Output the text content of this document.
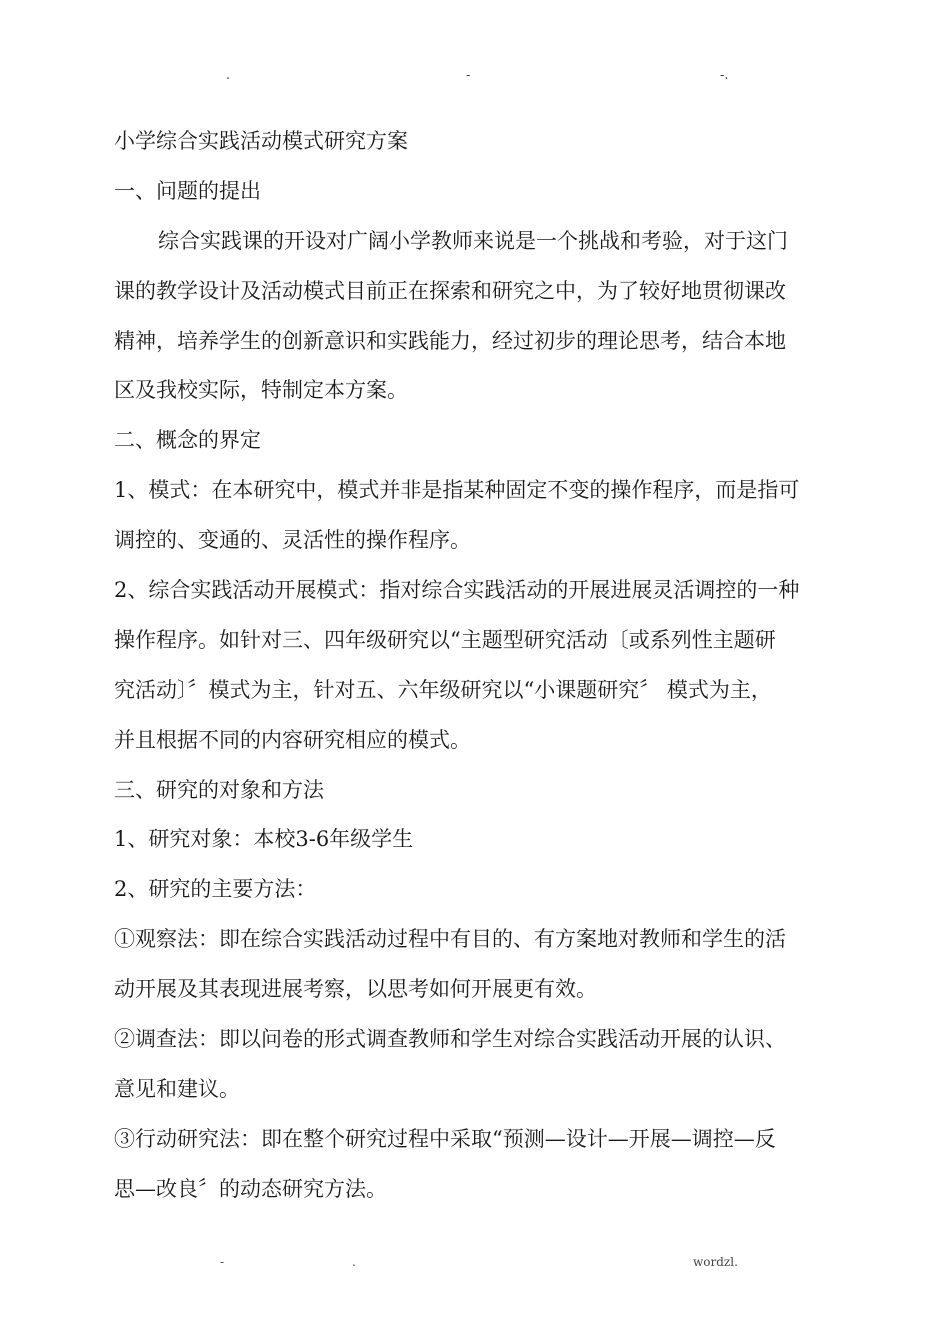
.	-	-.
小学综合实践活动模式研究方案
一、问题的提出
综合实践课的开设对广阔小学教师来说是一个挑战和考验，对于这门
课的教学设计及活动模式目前正在探索和研究之中，为了较好地贯彻课改
精神，培养学生的创新意识和实践能力，经过初步的理论思考，结合本地
区及我校实际，特制定本方案。
二、概念的界定
1、模式：在本研究中，模式并非是指某种固定不变的操作程序，而是指可
调控的、变通的、灵活性的操作程序。
2、综合实践活动开展模式：指对综合实践活动的开展进展灵活调控的一种
操作程序。如针对三、四年级研究以“主题型研究活动〔或系列性主题研
究活动〕〞模式为主，针对五、六年级研究以“小课题研究〞 模式为主，
并且根据不同的内容研究相应的模式。
三、研究的对象和方法
1、研究对象：本校3-6年级学生
2、研究的主要方法：
①观察法：即在综合实践活动过程中有目的、有方案地对教师和学生的活
动开展及其表现进展考察，以思考如何开展更有效。
②调查法：即以问卷的形式调查教师和学生对综合实践活动开展的认识、
意见和建议。
③行动研究法：即在整个研究过程中采取“预测—设计—开展—调控—反
思—改良〞的动态研究方法。
-	.	wordzl.
